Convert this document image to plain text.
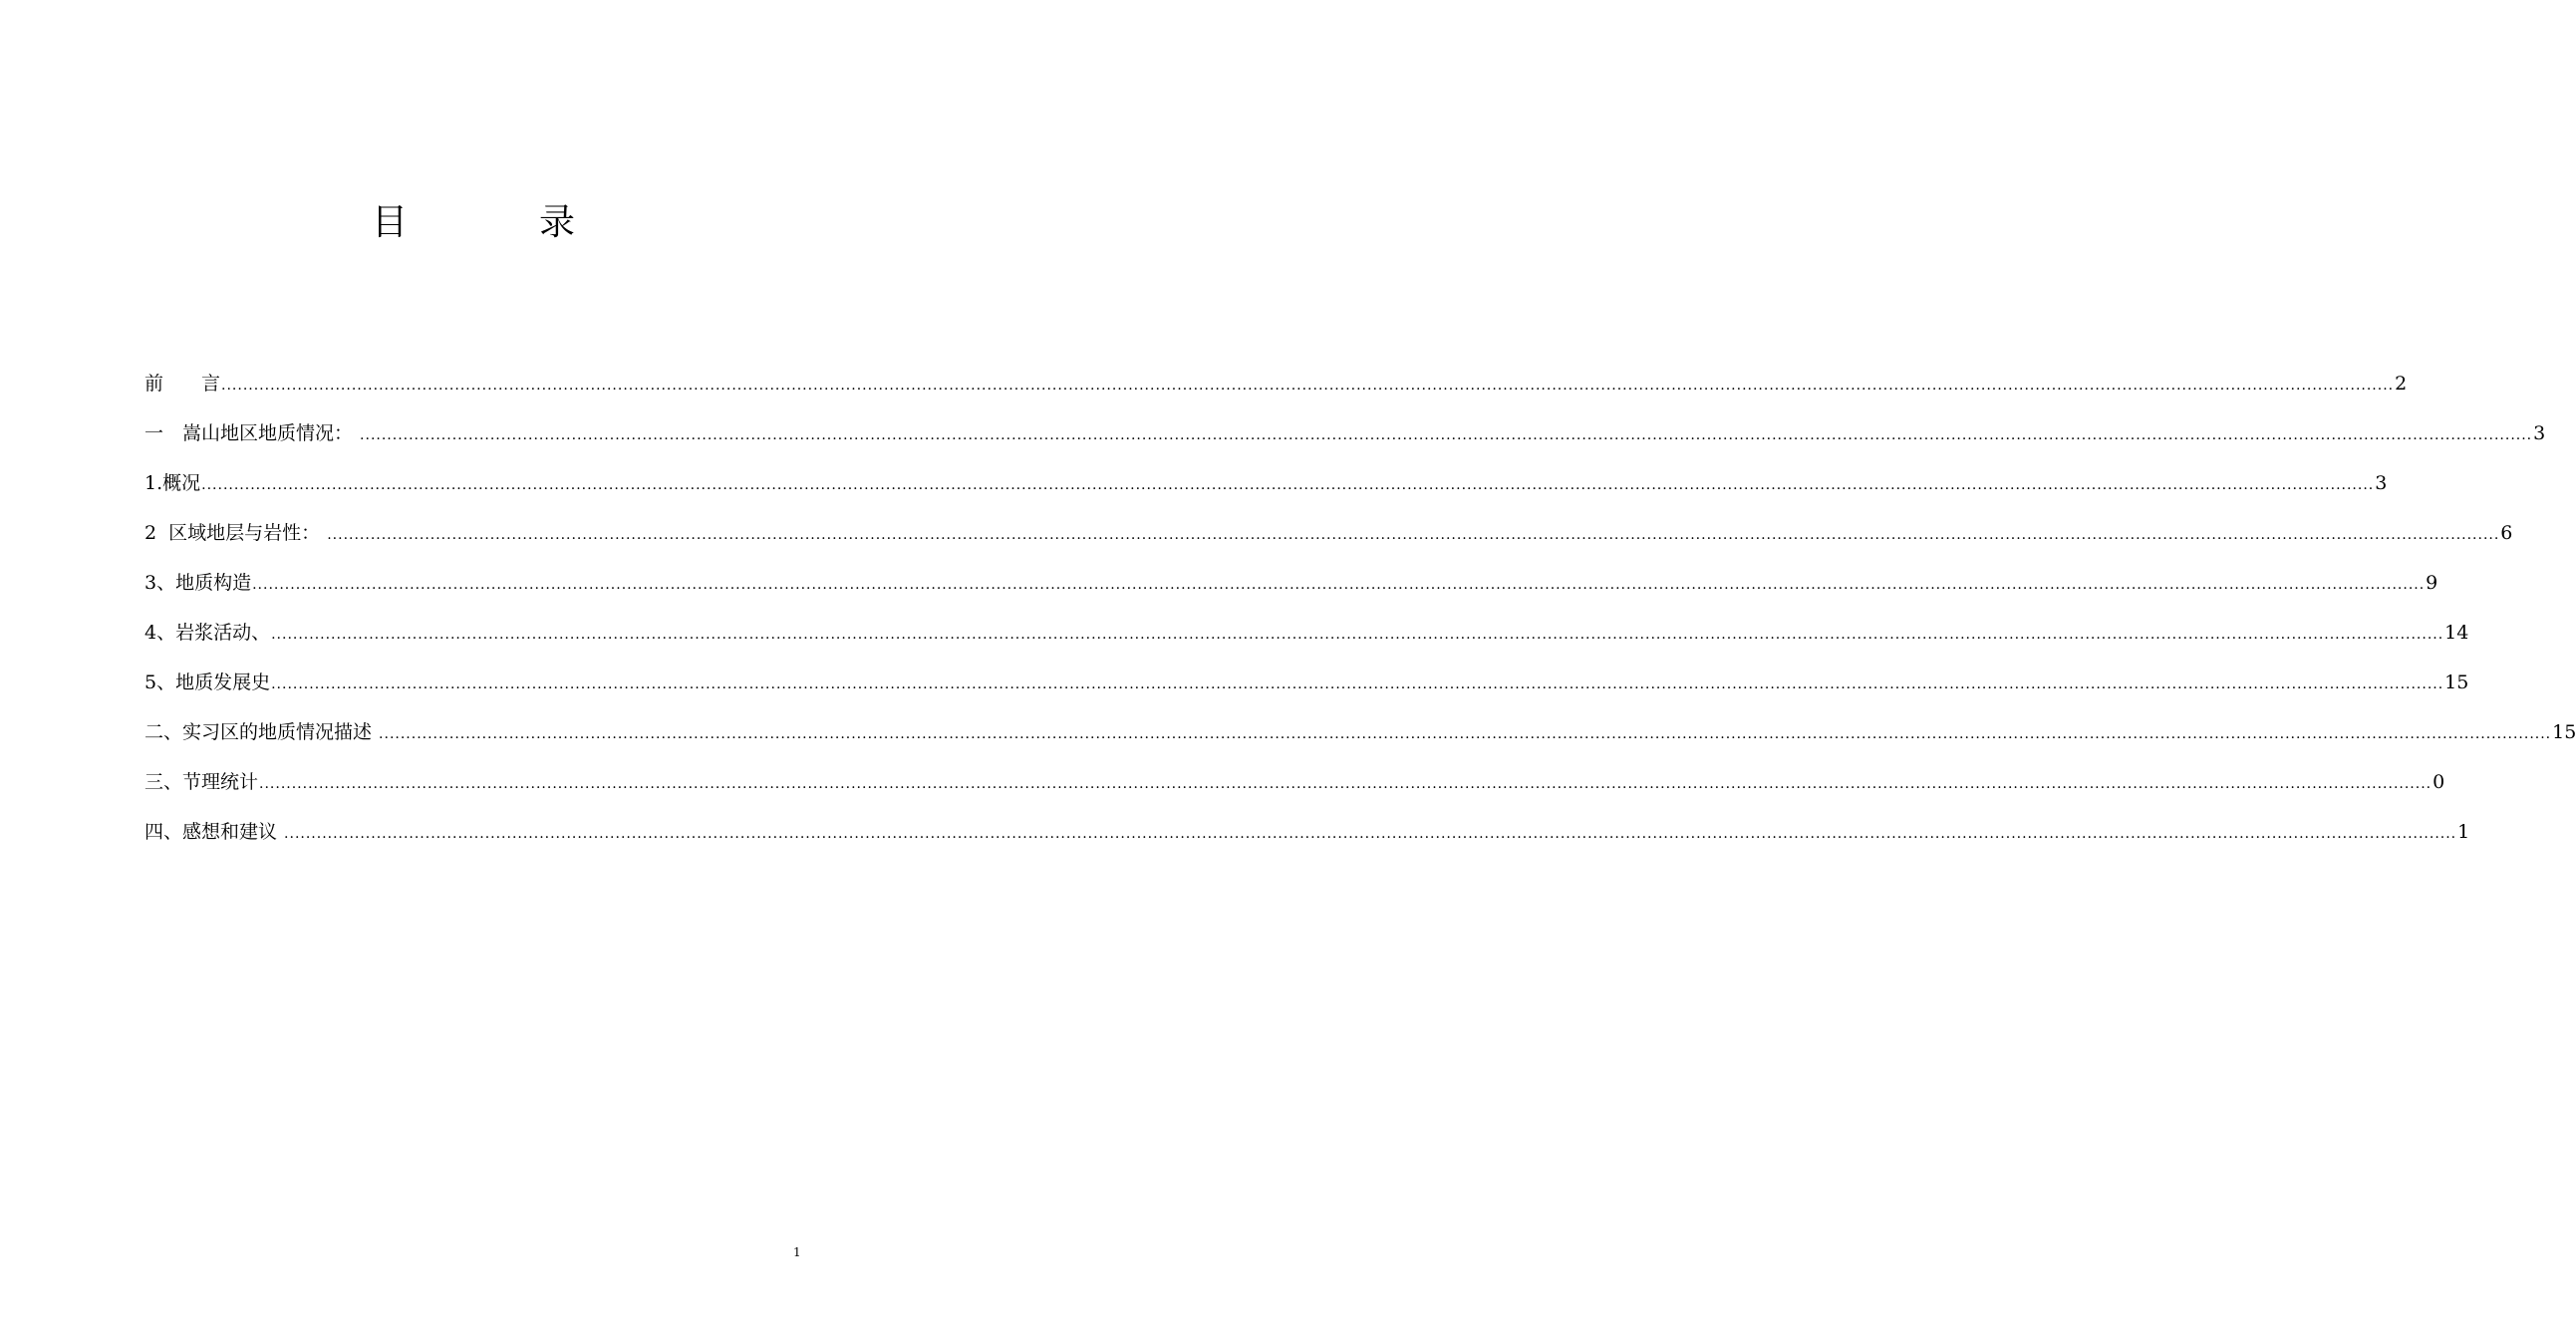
目　录
前　　言 ................................................................................................................................................................................................................................................................................................................................................................................................................ 2
一　嵩山地区地质情况： ................................................................................................................................................................................................................................................................................................................................................................................................................ 3
1.概况 ................................................................................................................................................................................................................................................................................................................................................................................................................ 3
2  区域地层与岩性： ................................................................................................................................................................................................................................................................................................................................................................................................................ 6
3、地质构造 ................................................................................................................................................................................................................................................................................................................................................................................................................ 9
4、岩浆活动、 ................................................................................................................................................................................................................................................................................................................................................................................................................ 14
5、地质发展史 ................................................................................................................................................................................................................................................................................................................................................................................................................ 15
二、实习区的地质情况描述 ................................................................................................................................................................................................................................................................................................................................................................................................................ 15
三、节理统计 ................................................................................................................................................................................................................................................................................................................................................................................................................ 0
四、感想和建议 ................................................................................................................................................................................................................................................................................................................................................................................................................ 1
1
